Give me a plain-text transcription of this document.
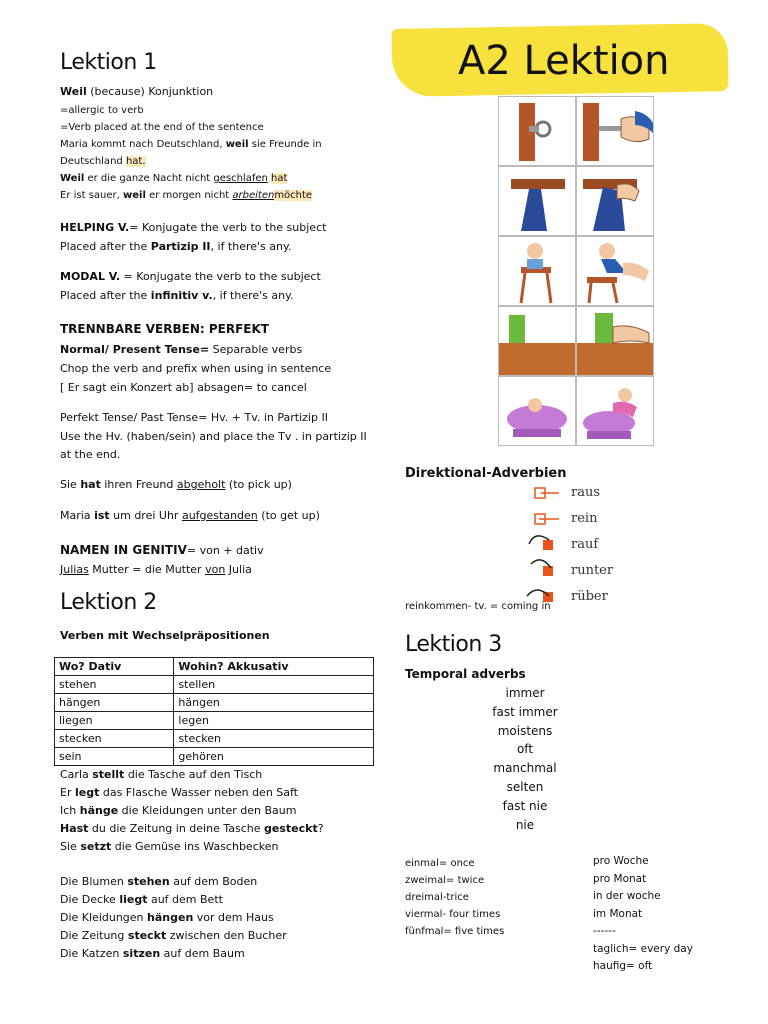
Lektion 1
Weil (because) Konjunktion
=allergic to verb
=Verb placed at the end of the sentence
Maria kommt nach Deutschland, weil sie Freunde in
Deutschland hat.
Weil er die ganze Nacht nicht geschlafen hat
Er ist sauer, weil er morgen nicht arbeitenmöchte
HELPING V.= Konjugate the verb to the subject
Placed after the Partizip II, if there's any.
MODAL V. = Konjugate the verb to the subject
Placed after the infinitiv v., if there's any.
TRENNBARE VERBEN: PERFEKT
Normal/ Present Tense= Separable verbs
Chop the verb and prefix when using in sentence
[ Er sagt ein Konzert ab] absagen= to cancel
Perfekt Tense/ Past Tense= Hv. + Tv. in Partizip II
Use the Hv. (haben/sein) and place the Tv . in partizip II
at the end.
Sie hat ihren Freund abgeholt (to pick up)
Maria ist um drei Uhr aufgestanden (to get up)
NAMEN IN GENITIV= von + dativ
Julias Mutter = die Mutter von Julia
Lektion 2
Verben mit Wechselpräpositionen
Wo? Dativ	Wohin? Akkusativ
stehen	stellen
hängen	hängen
liegen	legen
stecken	stecken
sein	gehören
Carla stellt die Tasche auf den Tisch
Er legt das Flasche Wasser neben den Saft
Ich hänge die Kleidungen unter den Baum
Hast du die Zeitung in deine Tasche gesteckt?
Sie setzt die Gemüse ins Waschbecken
Die Blumen stehen auf dem Boden
Die Decke liegt auf dem Bett
Die Kleidungen hängen vor dem Haus
Die Zeitung steckt zwischen den Bucher
Die Katzen sitzen auf dem Baum
A2 Lektion
Direktional-Adverbien
raus
rein
rauf
runter
rüber
reinkommen- tv. = coming in
Lektion 3
Temporal adverbs
immer
fast immer
moistens
oft
manchmal
selten
fast nie
nie
einmal= once
zweimal= twice
dreimal-trice
viermal- four times
fünfmal= five times
pro Woche
pro Monat
in der woche
im Monat
------
taglich= every day
haufig= oft
